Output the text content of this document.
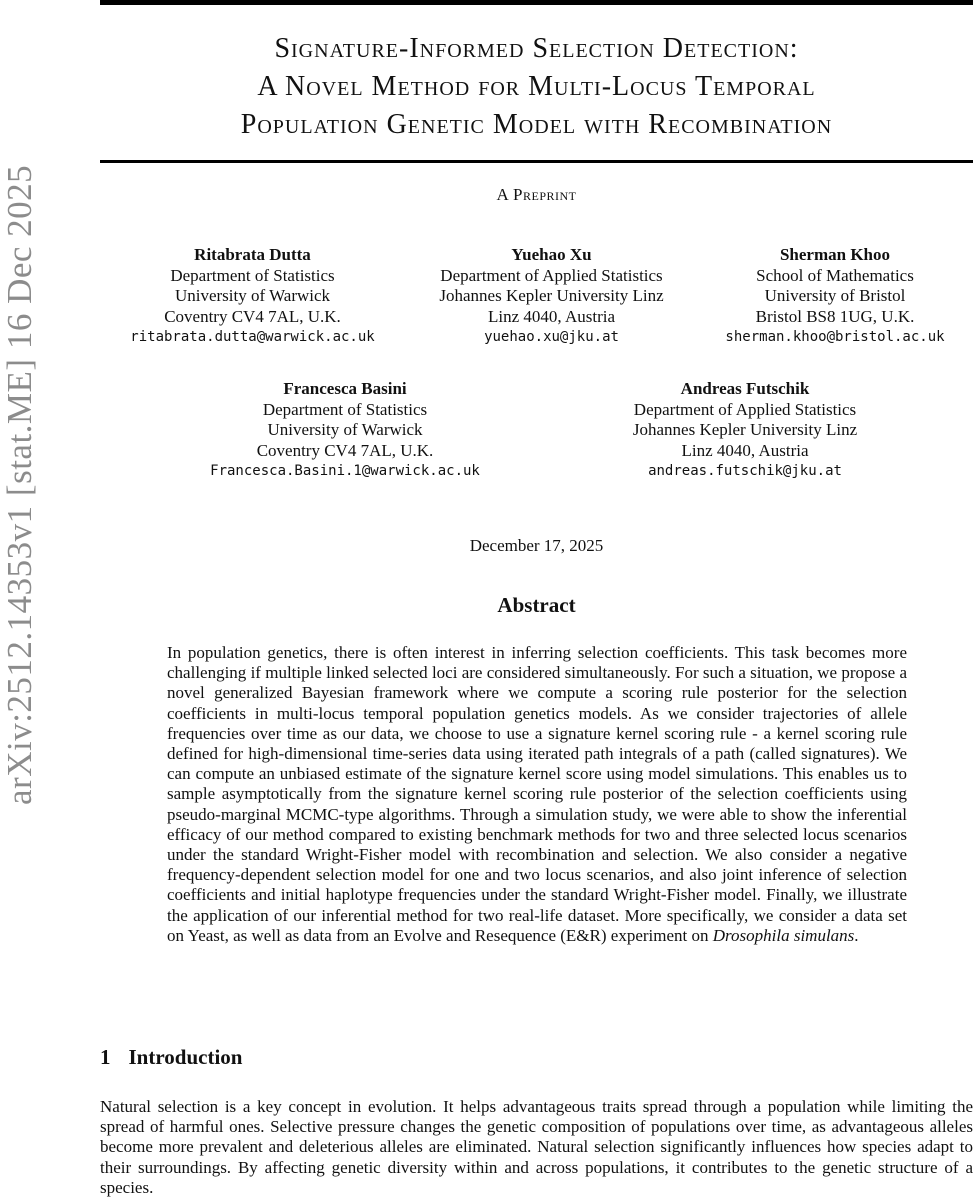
arXiv:2512.14353v1 [stat.ME] 16 Dec 2025
Signature-Informed Selection Detection:
A Novel Method for Multi-Locus Temporal
Population Genetic Model with Recombination
A Preprint
Ritabrata Dutta
Department of Statistics
University of Warwick
Coventry CV4 7AL, U.K.
ritabrata.dutta@warwick.ac.uk
Yuehao Xu
Department of Applied Statistics
Johannes Kepler University Linz
Linz 4040, Austria
yuehao.xu@jku.at
Sherman Khoo
School of Mathematics
University of Bristol
Bristol BS8 1UG, U.K.
sherman.khoo@bristol.ac.uk
Francesca Basini
Department of Statistics
University of Warwick
Coventry CV4 7AL, U.K.
Francesca.Basini.1@warwick.ac.uk
Andreas Futschik
Department of Applied Statistics
Johannes Kepler University Linz
Linz 4040, Austria
andreas.futschik@jku.at
December 17, 2025
Abstract
In population genetics, there is often interest in inferring selection coefficients. This task becomes more challenging if multiple linked selected loci are considered simultaneously. For such a situation, we propose a novel generalized Bayesian framework where we compute a scoring rule posterior for the selection coefficients in multi-locus temporal population genetics models. As we consider trajectories of allele frequencies over time as our data, we choose to use a signature kernel scoring rule - a kernel scoring rule defined for high-dimensional time-series data using iterated path integrals of a path (called signatures). We can compute an unbiased estimate of the signature kernel score using model simulations. This enables us to sample asymptotically from the signature kernel scoring rule posterior of the selection coefficients using pseudo-marginal MCMC-type algorithms. Through a simulation study, we were able to show the inferential efficacy of our method compared to existing benchmark methods for two and three selected locus scenarios under the standard Wright-Fisher model with recombination and selection. We also consider a negative frequency-dependent selection model for one and two locus scenarios, and also joint inference of selection coefficients and initial haplotype frequencies under the standard Wright-Fisher model. Finally, we illustrate the application of our inferential method for two real-life dataset. More specifically, we consider a data set on Yeast, as well as data from an Evolve and Resequence (E&R) experiment on Drosophila simulans.
1 Introduction
Natural selection is a key concept in evolution. It helps advantageous traits spread through a population while limiting the spread of harmful ones. Selective pressure changes the genetic composition of populations over time, as advantageous alleles become more prevalent and deleterious alleles are eliminated. Natural selection significantly influences how species adapt to their surroundings. By affecting genetic diversity within and across populations, it contributes to the genetic structure of a species.
